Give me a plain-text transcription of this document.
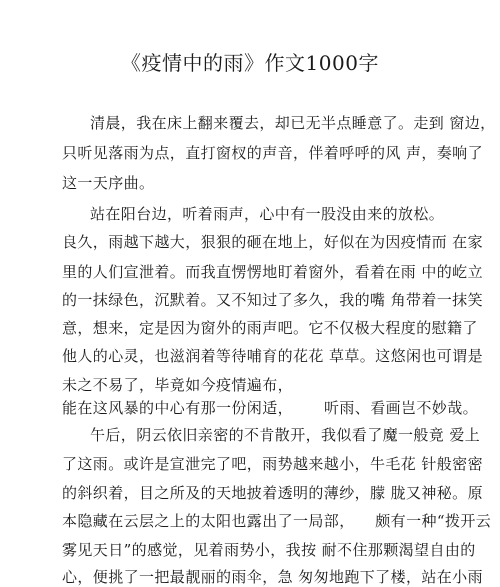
《疫情中的雨》作文1000字

清晨，我在床上翻来覆去，却已无半点睡意了。走到 窗边，

只听见落雨为点，直打窗杈的声音，伴着呼呼的风 声，奏响了

这一天序曲。

站在阳台边，听着雨声，心中有一股没由来的放松。

良久，雨越下越大，狠狠的砸在地上，好似在为因疫情而 在家

里的人们宣泄着。而我直愣愣地盯着窗外，看着在雨 中的屹立

的一抹绿色，沉默着。又不知过了多久，我的嘴 角带着一抹笑

意，想来，定是因为窗外的雨声吧。它不仅极大程度的慰籍了

他人的心灵，也滋润着等待哺育的花花 草草。这悠闲也可谓是

未之不易了，毕竟如今疫情遍布，

能在这风暴的中心有那一份闲适，      听雨、看画岂不妙哉。

午后，阴云依旧亲密的不肯散开，我似看了魔一般竟 爱上

了这雨。或许是宣泄完了吧，雨势越来越小，牛毛花 针般密密

的斜织着，目之所及的天地披着透明的薄纱，朦 胧又神秘。原

本隐藏在云层之上的太阳也露出了一局部，    颇有一种“拨开云

雾见天日”的感觉，见着雨势小，我按 耐不住那颗渴望自由的

心，便挑了一把最靓丽的雨伞，急 匆匆地跑下了楼，站在小雨
